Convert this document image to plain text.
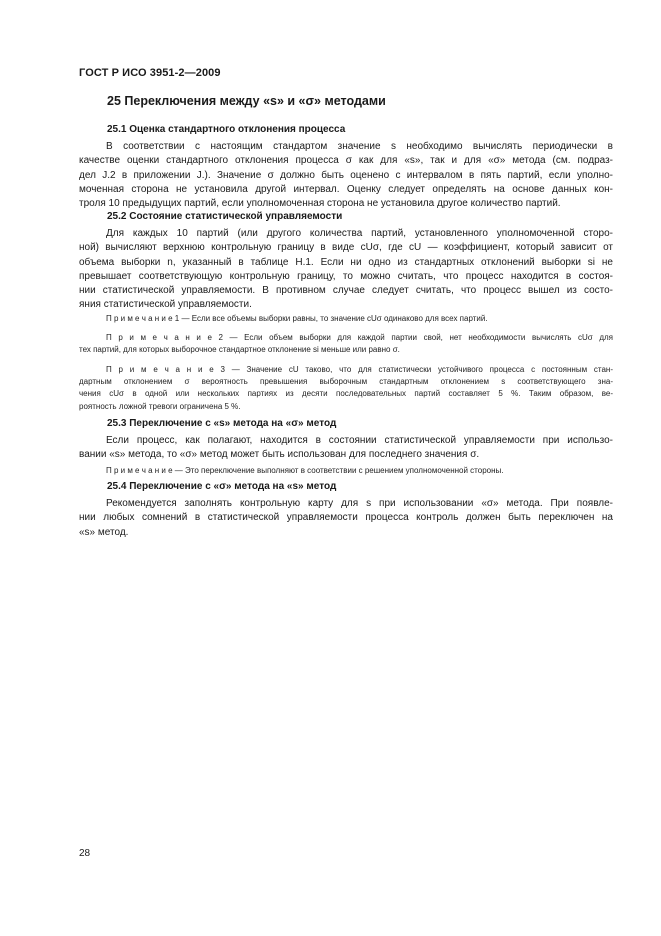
ГОСТ Р ИСО 3951-2—2009
25 Переключения между «s» и «σ» методами
25.1 Оценка стандартного отклонения процесса
В соответствии с настоящим стандартом значение s необходимо вычислять периодически в
качестве оценки стандартного отклонения процесса σ как для «s», так и для «σ» метода (см. подраз-
дел J.2 в приложении J.). Значение σ должно быть оценено с интервалом в пять партий, если уполно-
моченная сторона не установила другой интервал. Оценку следует определять на основе данных кон-
троля 10 предыдущих партий, если уполномоченная сторона не установила другое количество партий.
25.2 Состояние статистической управляемости
Для каждых 10 партий (или другого количества партий, установленного уполномоченной сторо-
ной) вычисляют верхнюю контрольную границу в виде cUσ, где cU — коэффициент, который зависит от
объема выборки n, указанный в таблице H.1. Если ни одно из стандартных отклонений выборки si не
превышает соответствующую контрольную границу, то можно считать, что процесс находится в состоя-
нии статистической управляемости. В противном случае следует считать, что процесс вышел из состо-
яния статистической управляемости.
П р и м е ч а н и е 1 — Если все объемы выборки равны, то значение cUσ одинаково для всех партий.
П р и м е ч а н и е 2 — Если объем выборки для каждой партии свой, нет необходимости вычислять cUσ для
тех партий, для которых выборочное стандартное отклонение si меньше или равно σ.
П р и м е ч а н и е 3 — Значение cU таково, что для статистически устойчивого процесса с постоянным стан-
дартным отклонением σ вероятность превышения выборочным стандартным отклонением s соответствующего зна-
чения cUσ в одной или нескольких партиях из десяти последовательных партий составляет 5 %. Таким образом, ве-
роятность ложной тревоги ограничена 5 %.
25.3 Переключение с «s» метода на «σ» метод
Если процесс, как полагают, находится в состоянии статистической управляемости при использо-
вании «s» метода, то «σ» метод может быть использован для последнего значения σ.
П р и м е ч а н и е — Это переключение выполняют в соответствии с решением уполномоченной стороны.
25.4 Переключение с «σ» метода на «s» метод
Рекомендуется заполнять контрольную карту для s при использовании «σ» метода. При появле-
нии любых сомнений в статистической управляемости процесса контроль должен быть переключен на
«s» метод.
28
